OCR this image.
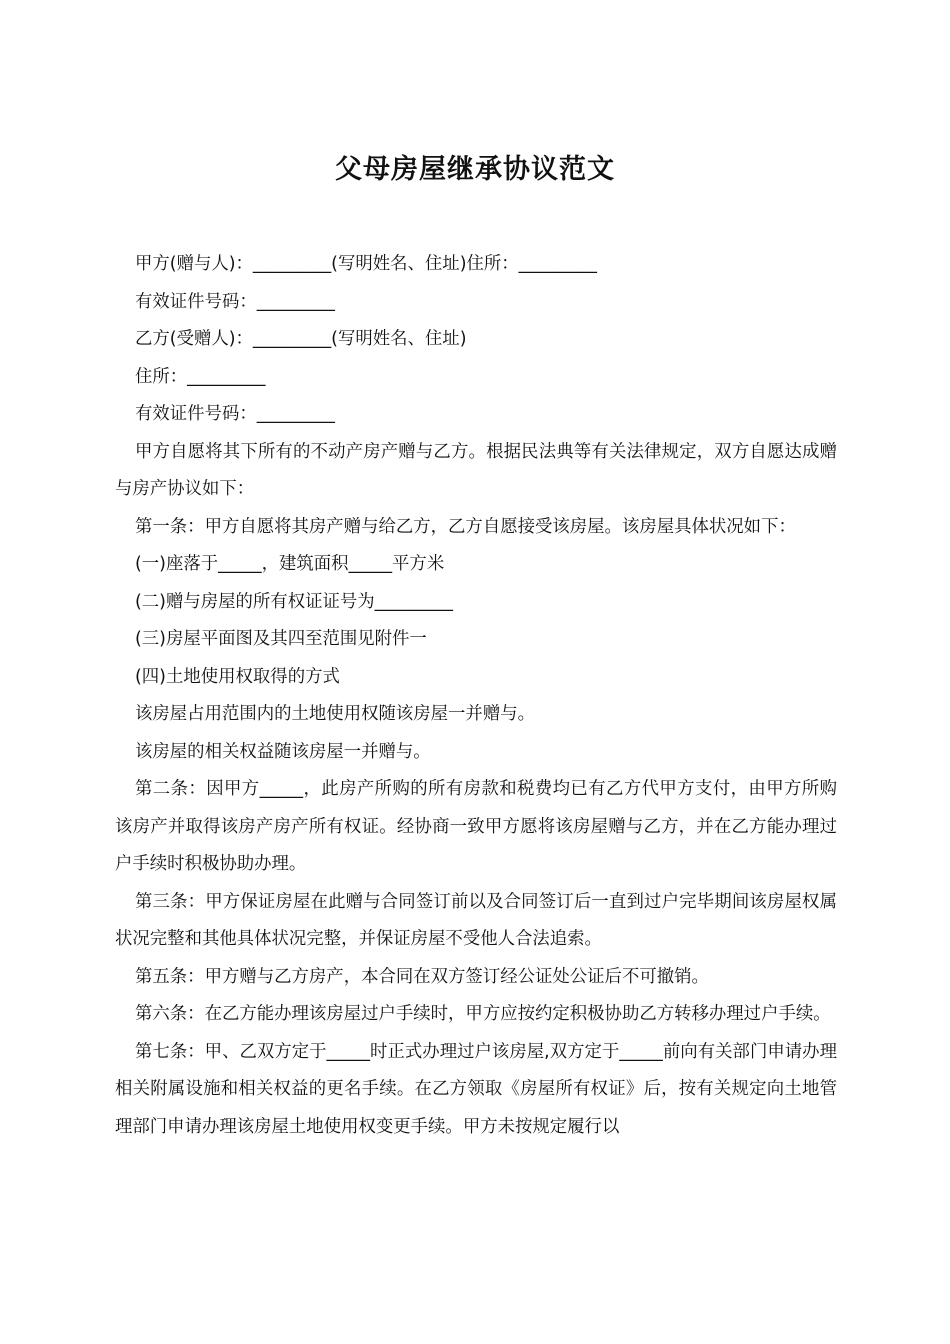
父母房屋继承协议范文

甲方(赠与人)：_________(写明姓名、住址)住所：_________

有效证件号码：_________

乙方(受赠人)：_________(写明姓名、住址)

住所：_________

有效证件号码：_________

甲方自愿将其下所有的不动产房产赠与乙方。根据民法典等有关法律规定，双方自愿达成赠与房产协议如下：

第一条：甲方自愿将其房产赠与给乙方，乙方自愿接受该房屋。该房屋具体状况如下：

(一)座落于_____，建筑面积_____平方米

(二)赠与房屋的所有权证证号为_________

(三)房屋平面图及其四至范围见附件一

(四)土地使用权取得的方式

该房屋占用范围内的土地使用权随该房屋一并赠与。

该房屋的相关权益随该房屋一并赠与。

第二条：因甲方_____，此房产所购的所有房款和税费均已有乙方代甲方支付，由甲方所购该房产并取得该房产房产所有权证。经协商一致甲方愿将该房屋赠与乙方，并在乙方能办理过户手续时积极协助办理。

第三条：甲方保证房屋在此赠与合同签订前以及合同签订后一直到过户完毕期间该房屋权属状况完整和其他具体状况完整，并保证房屋不受他人合法追索。

第五条：甲方赠与乙方房产，本合同在双方签订经公证处公证后不可撤销。

第六条：在乙方能办理该房屋过户手续时，甲方应按约定积极协助乙方转移办理过户手续。

第七条：甲、乙双方定于_____时正式办理过户该房屋,双方定于_____前向有关部门申请办理相关附属设施和相关权益的更名手续。在乙方领取《房屋所有权证》后，按有关规定向土地管理部门申请办理该房屋土地使用权变更手续。甲方未按规定履行以
